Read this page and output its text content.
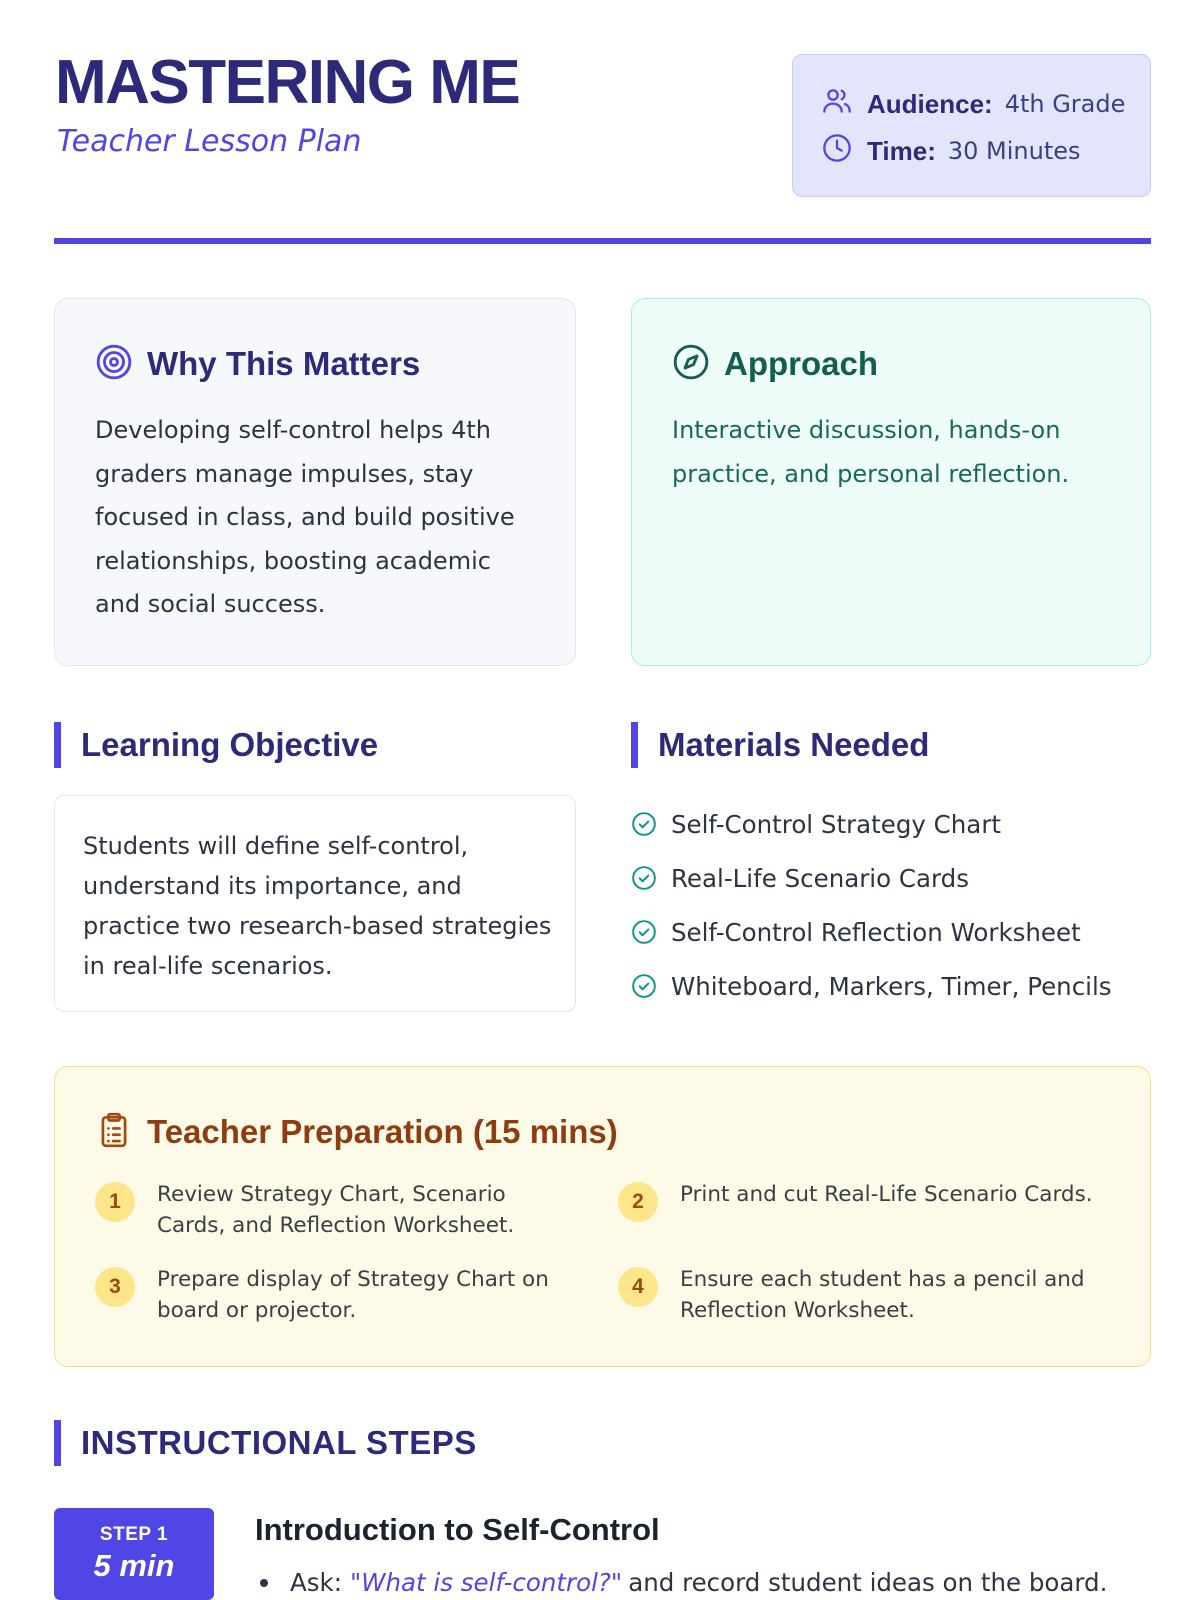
MASTERING ME
Teacher Lesson Plan
Audience: 4th Grade
Time: 30 Minutes
Why This Matters

Developing self-control helps 4th graders manage impulses, stay focused in class, and build positive relationships, boosting academic and social success.

Approach

Interactive discussion, hands-on practice, and personal reflection.

Learning Objective

Students will define self-control, understand its importance, and practice two research-based strategies in real-life scenarios.

Materials Needed
Self-Control Strategy Chart
Real-Life Scenario Cards
Self-Control Reflection Worksheet
Whiteboard, Markers, Timer, Pencils
Teacher Preparation (15 mins)
1	Review Strategy Chart, Scenario Cards, and Reflection Worksheet.
2	Print and cut Real-Life Scenario Cards.
3	Prepare display of Strategy Chart on board or projector.
4	Ensure each student has a pencil and Reflection Worksheet.
INSTRUCTIONAL STEPS
STEP 1
5 min
Introduction to Self-Control
Ask: "What is self-control?" and record student ideas on the board.
